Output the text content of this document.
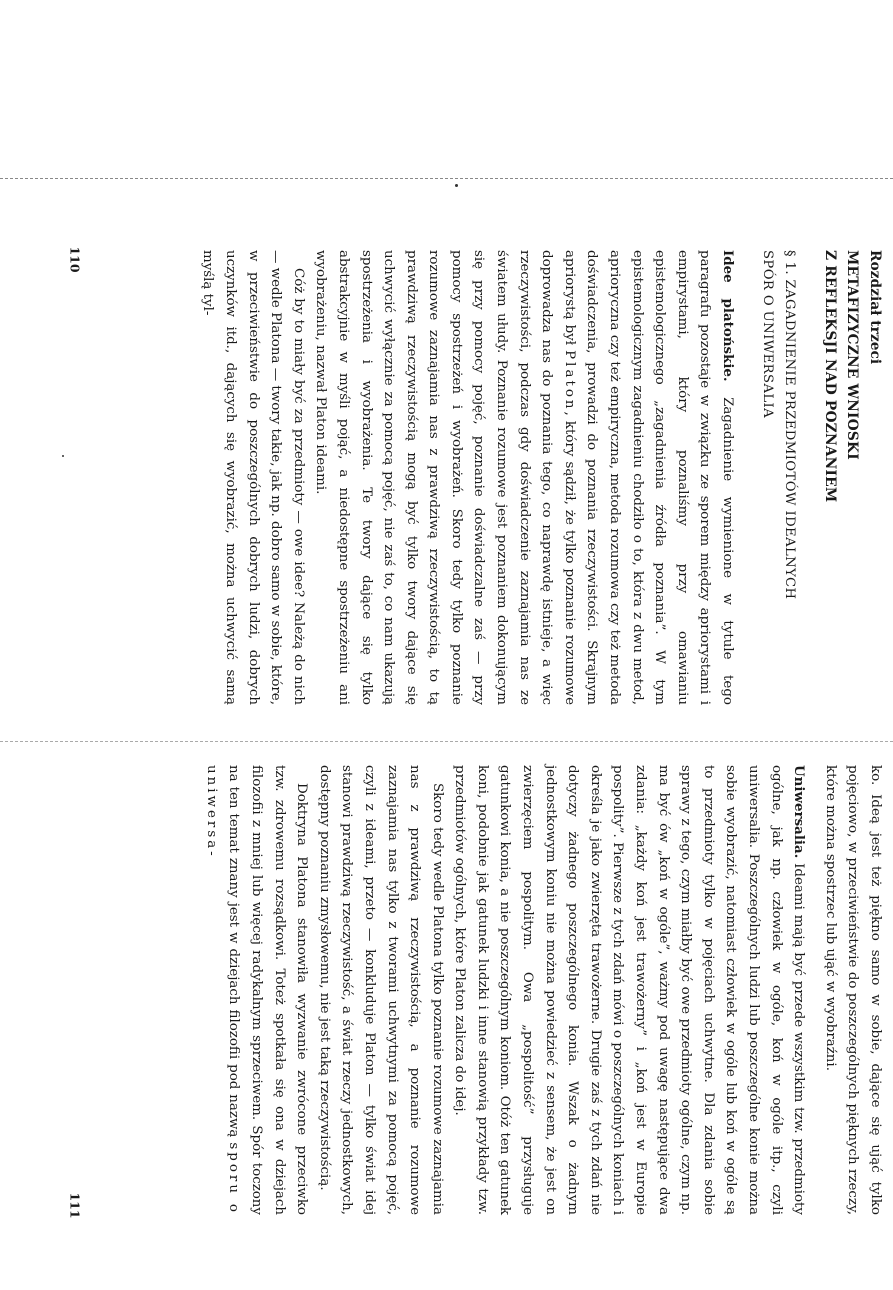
Rozdział trzeci

METAFIZYCZNE WNIOSKI

Z REFLEKSJI NAD POZNANIEM

§ 1. ZAGADNIENIE PRZEDMIOTÓW IDEALNYCH
SPÓR O UNIWERSALIA

Idee platońskie. Zagadnienie wymienione w tytule tego paragrafu pozostaje w związku ze sporem między apriorystami i empirystami, który poznaliśmy przy omawianiu epistemologicznego „zagadnienia źródła poznania”. W tym epistemologicznym zagadnieniu chodziło o to, która z dwu metod, aprioryczna czy też empiryczna, metoda rozumowa czy też metoda doświadczenia, prowadzi do poznania rzeczywistości. Skrajnym apriorystą był Platon, który sądził, że tylko poznanie rozumowe doprowadza nas do poznania tego, co naprawdę istnieje, a więc rzeczywistości, podczas gdy doświadczenie zaznajamia nas ze światem ułudy. Poznanie rozumowe jest poznaniem dokonującym się przy pomocy pojęć, poznanie doświadczalne zaś — przy pomocy spostrzeżeń i wyobrażeń. Skoro tedy tylko poznanie rozumowe zaznajamia nas z prawdziwą rzeczywistością, to tą prawdziwą rzeczywistością mogą być tylko twory dające się uchwycić wyłącznie za pomocą pojęć, nie zaś to, co nam ukazują spostrzeżenia i wyobrażenia. Te twory dające się tylko abstrakcyjnie w myśli pojąć, a niedostępne spostrzeżeniu ani wyobrażeniu, nazwał Platon ideami.

Cóż by to miały być za przedmioty — owe idee? Należą do nich — wedle Platona — twory takie, jak np. dobro samo w sobie, które, w przeciwieństwie do poszczególnych dobrych ludzi, dobrych uczynków itd., dających się wyobrazić, można uchwycić samą myślą tyl-

ko. Ideą jest też piękno samo w sobie, dające się ująć tylko pojęciowo, w przeciwieństwie do poszczególnych pięknych rzeczy, które można spostrzec lub ująć w wyobraźni.

Uniwersalia. Ideami mają być przede wszystkim tzw. przedmioty ogólne, jak np. człowiek w ogóle, koń w ogóle itp., czyli uniwersalia. Poszczególnych ludzi lub poszczególne konie można sobie wyobrazić, natomiast człowiek w ogóle lub koń w ogóle są to przedmioty tylko w pojęciach uchwytne. Dla zdania sobie sprawy z tego, czym miałby być owe przedmioty ogólne, czym np. ma być ów „koń w ogóle”, ważmy pod uwagę następujące dwa zdania: „każdy koń jest trawożerny” i „koń jest w Europie pospolity”. Pierwsze z tych zdań mówi o poszczególnych koniach i określa je jako zwierzęta trawożerne. Drugie zaś z tych zdań nie dotyczy żadnego poszczególnego konia. Wszak o żadnym jednostkowym koniu nie można powiedzieć z sensem, że jest on zwierzęciem pospolitym. Owa „pospolitość” przysługuje gatunkowi konia, a nie poszczególnym koniom. Otóż ten gatunek koni, podobnie jak gatunek ludzki i inne stanowią przykłady tzw. przedmiotów ogólnych, które Platon zalicza do idej.

Skoro tedy wedle Platona tylko poznanie rozumowe zaznajamia nas z prawdziwą rzeczywistością, a poznanie rozumowe zaznajamia nas tylko z tworami uchwytnymi za pomocą pojęć, czyli z ideami, przeto — konkluduje Platon — tylko świat idej stanowi prawdziwą rzeczywistość, a świat rzeczy jednostkowych, dostępny poznaniu zmysłowemu, nie jest taką rzeczywistością.

Doktryna Platona stanowiła wyzwanie zwrócone przeciwko tzw. zdrowemu rozsądkowi. Toteż spotkała się ona w dziejach filozofii z mniej lub więcej radykalnym sprzeciwem. Spór toczony na ten temat znany jest w dziejach filozofii pod nazwą sporu o uniwersa-

110
111
